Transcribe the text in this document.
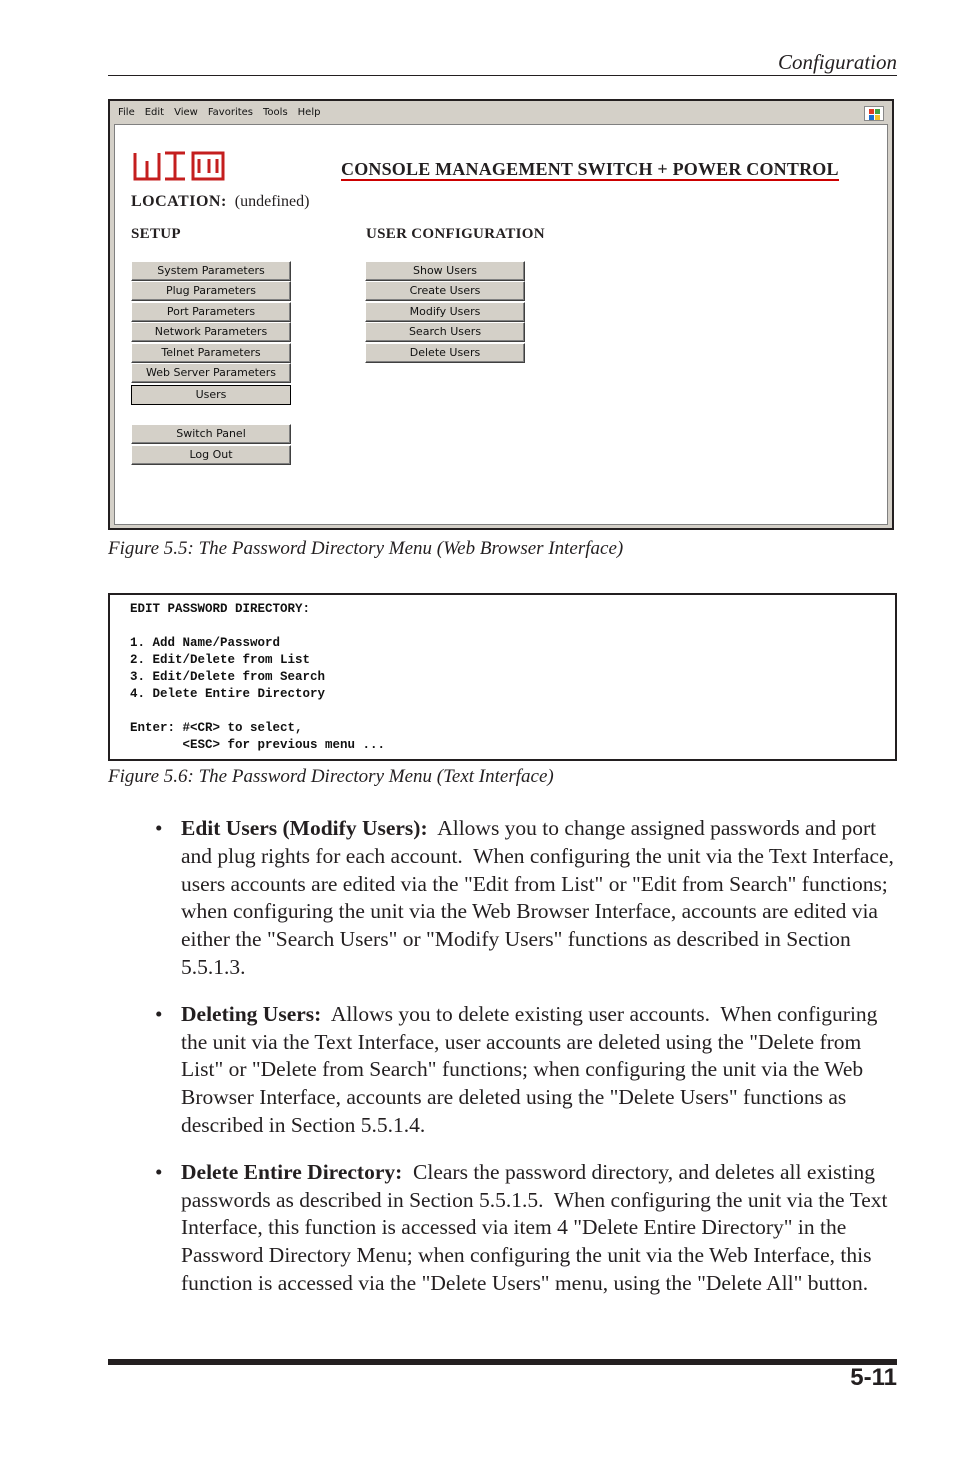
Configuration
File Edit View Favorites Tools Help
wti
CONSOLE MANAGEMENT SWITCH + POWER CONTROL
LOCATION: (undefined)
SETUP	USER CONFIGURATION
System Parameters
Plug Parameters
Port Parameters
Network Parameters
Telnet Parameters
Web Server Parameters
Users
Switch Panel
Log Out
Show Users
Create Users
Modify Users
Search Users
Delete Users
Figure 5.5: The Password Directory Menu (Web Browser Interface)
EDIT PASSWORD DIRECTORY:

1. Add Name/Password
2. Edit/Delete from List
3. Edit/Delete from Search
4. Delete Entire Directory

Enter: #<CR> to select,
<ESC> for previous menu ...
Figure 5.6: The Password Directory Menu (Text Interface)
• Edit Users (Modify Users):  Allows you to change assigned passwords and port and plug rights for each account.  When configuring the unit via the Text Interface, users accounts are edited via the "Edit from List" or "Edit from Search" functions; when configuring the unit via the Web Browser Interface, accounts are edited via either the "Search Users" or "Modify Users" functions as described in Section 5.5.1.3.
• Deleting Users:  Allows you to delete existing user accounts.  When configuring the unit via the Text Interface, user accounts are deleted using the "Delete from List" or "Delete from Search" functions; when configuring the unit via the Web Browser Interface, accounts are deleted using the "Delete Users" functions as described in Section 5.5.1.4.
• Delete Entire Directory:  Clears the password directory, and deletes all existing passwords as described in Section 5.5.1.5.  When configuring the unit via the Text Interface, this function is accessed via item 4 "Delete Entire Directory" in the Password Directory Menu; when configuring the unit via the Web Interface, this function is accessed via the "Delete Users" menu, using the "Delete All" button.
5-11
